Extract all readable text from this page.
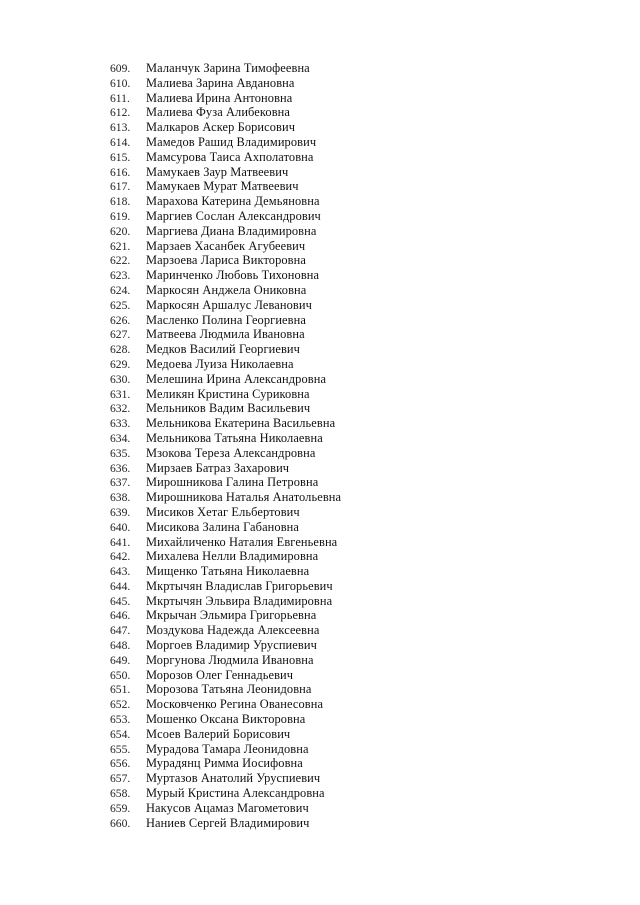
609.	Маланчук Зарина Тимофеевна
610.	Малиева Зарина Авдановна
611.	Малиева Ирина Антоновна
612.	Малиева Фуза Алибековна
613.	Малкаров Аскер Борисович
614.	Мамедов Рашид Владимирович
615.	Мамсурова Таиса Ахполатовна
616.	Мамукаев Заур Матвеевич
617.	Мамукаев Мурат Матвеевич
618.	Марахова Катерина Демьяновна
619.	Маргиев Сослан Александрович
620.	Маргиева Диана Владимировна
621.	Марзаев Хасанбек Агубеевич
622.	Марзоева Лариса Викторовна
623.	Маринченко Любовь Тихоновна
624.	Маркосян Анджела Ониковна
625.	Маркосян Аршалус Леванович
626.	Масленко Полина Георгиевна
627.	Матвеева Людмила Ивановна
628.	Медков Василий Георгиевич
629.	Медоева Луиза Николаевна
630.	Мелешина Ирина Александровна
631.	Меликян Кристина Суриковна
632.	Мельников Вадим Васильевич
633.	Мельникова Екатерина Васильевна
634.	Мельникова Татьяна Николаевна
635.	Мзокова Тереза Александровна
636.	Мирзаев Батраз Захарович
637.	Мирошникова Галина Петровна
638.	Мирошникова Наталья Анатольевна
639.	Мисиков Хетаг Ельбертович
640.	Мисикова Залина Габановна
641.	Михайличенко Наталия Евгеньевна
642.	Михалева Нелли Владимировна
643.	Мищенко Татьяна Николаевна
644.	Мкртычян Владислав Григорьевич
645.	Мкртычян Эльвира Владимировна
646.	Мкрычан Эльмира Григорьевна
647.	Моздукова Надежда Алексеевна
648.	Моргоев Владимир Уруспиевич
649.	Моргунова Людмила Ивановна
650.	Морозов Олег Геннадьевич
651.	Морозова Татьяна Леонидовна
652.	Московченко Регина Ованесовна
653.	Мошенко Оксана Викторовна
654.	Мсоев Валерий Борисович
655.	Мурадова Тамара Леонидовна
656.	Мурадянц Римма Иосифовна
657.	Муртазов Анатолий Уруспиевич
658.	Мурый Кристина Александровна
659.	Накусов Ацамаз Магометович
660.	Наниев Сергей Владимирович
